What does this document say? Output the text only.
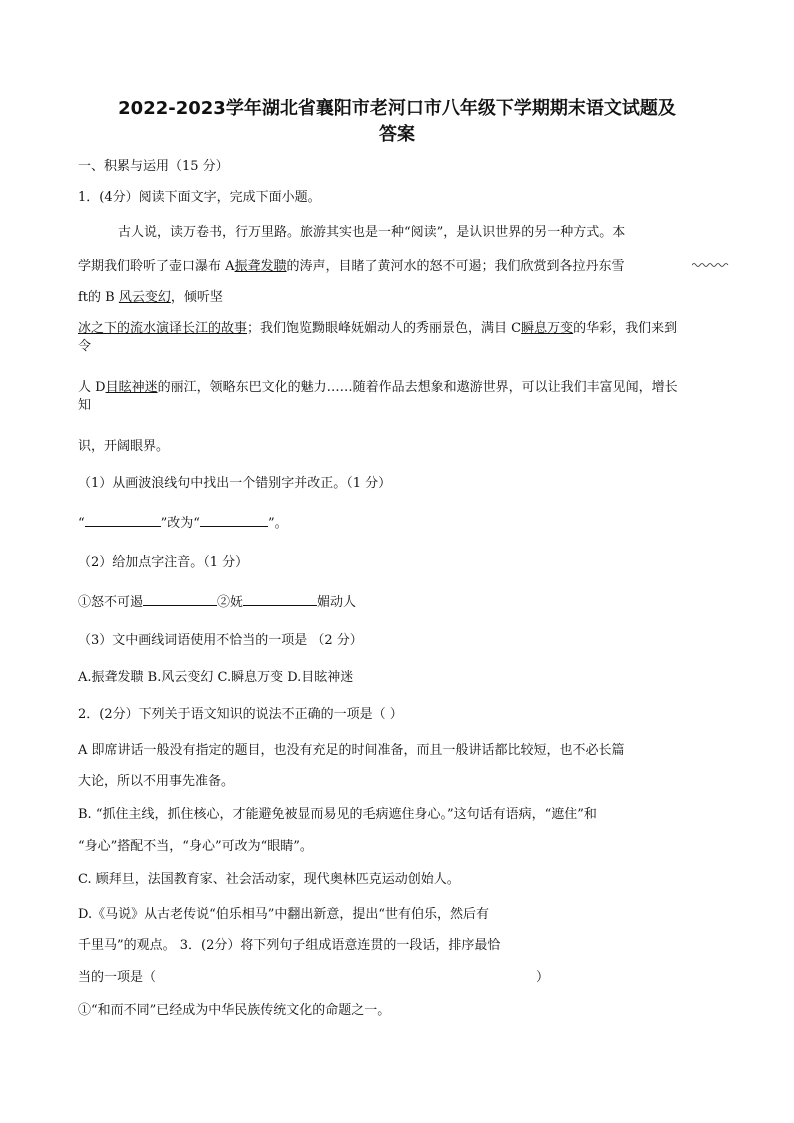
2022-2023学年湖北省襄阳市老河口市八年级下学期期末语文试题及
答案
一、积累与运用（15 分）
1．(4分）阅读下面文字，完成下面小题。
古人说，读万卷书，行万里路。旅游其实也是一种“阅读”，是认识世界的另一种方式。本
学期我们聆听了壶口瀑布 A振聋发聩的涛声，目睹了黄河水的怒不可遏；我们欣赏到各拉丹东雪
ft的 B 风云变幻，倾听坚
冰之下的流水演译长江的故事；我们饱览黝眼峰妩媚动人的秀丽景色，满目 C瞬息万变的华彩，我们来到
令
人 D目眩神迷的丽江，领略东巴文化的魅力……随着作品去想象和遨游世界，可以让我们丰富见闻，增长
知
识，开阔眼界。
（1）从画波浪线句中找出一个错别字并改正。（1 分）
“	”改为“	”。
（2）给加点字注音。（1 分）
①怒不可遏	②妩	媚动人
（3）文中画线词语使用不恰当的一项是 （2 分）
A.振聋发聩 B.风云变幻 C.瞬息万变 D.目眩神迷
2．(2分）下列关于语文知识的说法不正确的一项是（ ）
A 即席讲话一般没有指定的题目，也没有充足的时间准备，而且一般讲话都比较短，也不必长篇
大论，所以不用事先准备。
B. “抓住主线，抓住核心，才能避免被显而易见的毛病遮住身心。”这句话有语病，“遮住”和
“身心”搭配不当，“身心”可改为“眼睛”。
C. 顾拜旦，法国教育家、社会活动家，现代奥林匹克运动创始人。
D.《马说》从古老传说“伯乐相马”中翻出新意，提出“世有伯乐，然后有
千里马”的观点。 3．(2分）将下列句子组成语意连贯的一段话，排序最恰
当的一项是（	）
①“和而不同”已经成为中华民族传统文化的命题之一。
